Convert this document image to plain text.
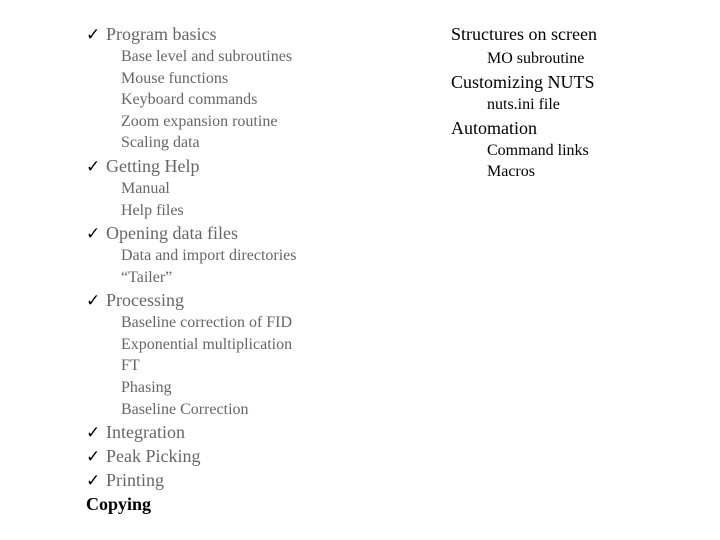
✓ Program basics
Base level and subroutines
Mouse functions
Keyboard commands
Zoom expansion routine
Scaling data
✓ Getting Help
Manual
Help files
✓ Opening data files
Data and import directories
“Tailer”
✓ Processing
Baseline correction of FID
Exponential multiplication
FT
Phasing
Baseline Correction
✓ Integration
✓ Peak Picking
✓ Printing
Copying
Structures on screen
MO subroutine
Customizing NUTS
nuts.ini file
Automation
Command links
Macros
